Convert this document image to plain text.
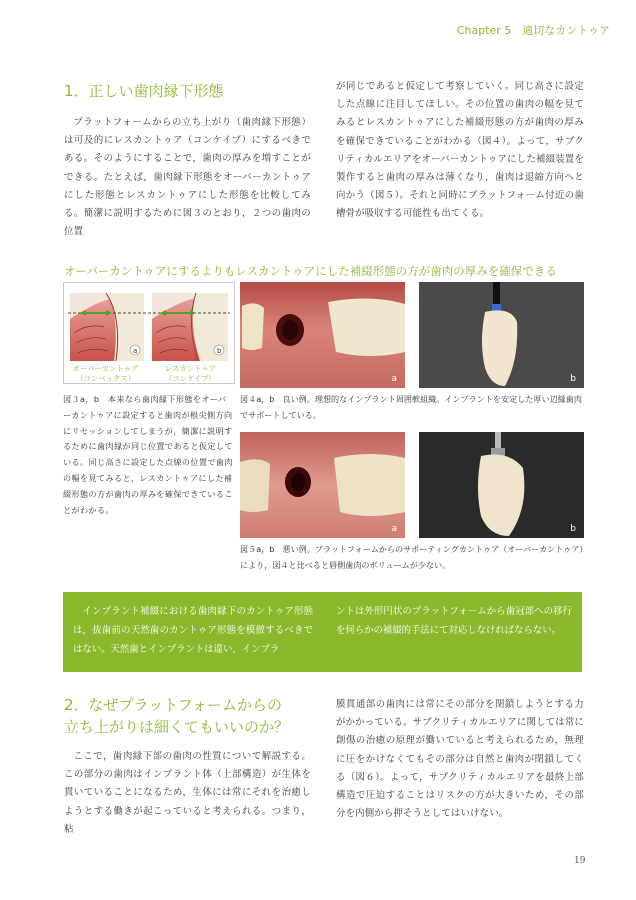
Chapter 5　適切なカントゥア
1．正しい歯肉縁下形態

プラットフォームからの立ち上がり（歯肉縁下形態）は可及的にレスカントゥア（コンケイブ）にするべきである。そのようにすることで，歯肉の厚みを増すことができる。たとえば，歯肉縁下形態をオーバーカントゥアにした形態とレスカントゥアにした形態を比較してみる。簡潔に説明するために図３のとおり，２つの歯肉の位置

が同じであると仮定して考察していく。同じ高さに設定した点線に注目してほしい。その位置の歯肉の幅を見てみるとレスカントゥアにした補綴形態の方が歯肉の厚みを確保できていることがわかる（図４）。よって，サブクリティカルエリアをオーバーカントゥアにした補綴装置を製作すると歯肉の厚みは薄くなり，歯肉は退縮方向へと向かう（図５）。それと同時にプラットフォーム付近の歯槽骨が吸収する可能性も出てくる。

オーバーカントゥアにするよりもレスカントゥアにした補綴形態の方が歯肉の厚みを確保できる
a	b
オーバーカントゥア
（コンベックス）
レスカントゥア
（コンケイブ）
図３a，b　本来なら歯肉縁下形態をオーバーカントゥアに設定すると歯肉が根尖側方向にリセッションしてしまうが，簡潔に説明するために歯肉縁が同じ位置であると仮定している。同じ高さに設定した点線の位置で歯肉の幅を見てみると，レスカントゥアにした補綴形態の方が歯肉の厚みを確保できていることがわかる。
a	b
図４a，b　良い例。理想的なインプラント周囲軟組織。インプラントを安定した厚い辺縁歯肉でサポートしている。
a	b
図５a，b　悪い例。プラットフォームからのサポーティングカントゥア（オーバーカントゥア）により，図４と比べると唇側歯肉のボリュームが少ない。

インプラント補綴における歯肉縁下のカントゥア形態は，抜歯前の天然歯のカントゥア形態を模倣するべきではない。天然歯とインプラントは違い，インプラ

ントは外形円状のプラットフォームから歯冠部への移行を何らかの補綴的手法にて対応しなければならない。

2．なぜプラットフォームからの
立ち上がりは細くてもいいのか？

ここで，歯肉縁下部の歯肉の性質について解説する。この部分の歯肉はインプラント体（上部構造）が生体を貫いていることになるため，生体には常にそれを治癒しようとする働きが起こっていると考えられる。つまり，粘

膜貫通部の歯肉には常にその部分を閉鎖しようとする力がかかっている。サブクリティカルエリアに関しては常に創傷の治癒の原理が働いていると考えられるため，無理に圧をかけなくてもその部分は自然と歯肉が閉鎖してくる（図６）。よって，サブクリティカルエリアを最終上部構造で圧迫することはリスクの方が大きいため，その部分を内側から押そうとしてはいけない。

19
